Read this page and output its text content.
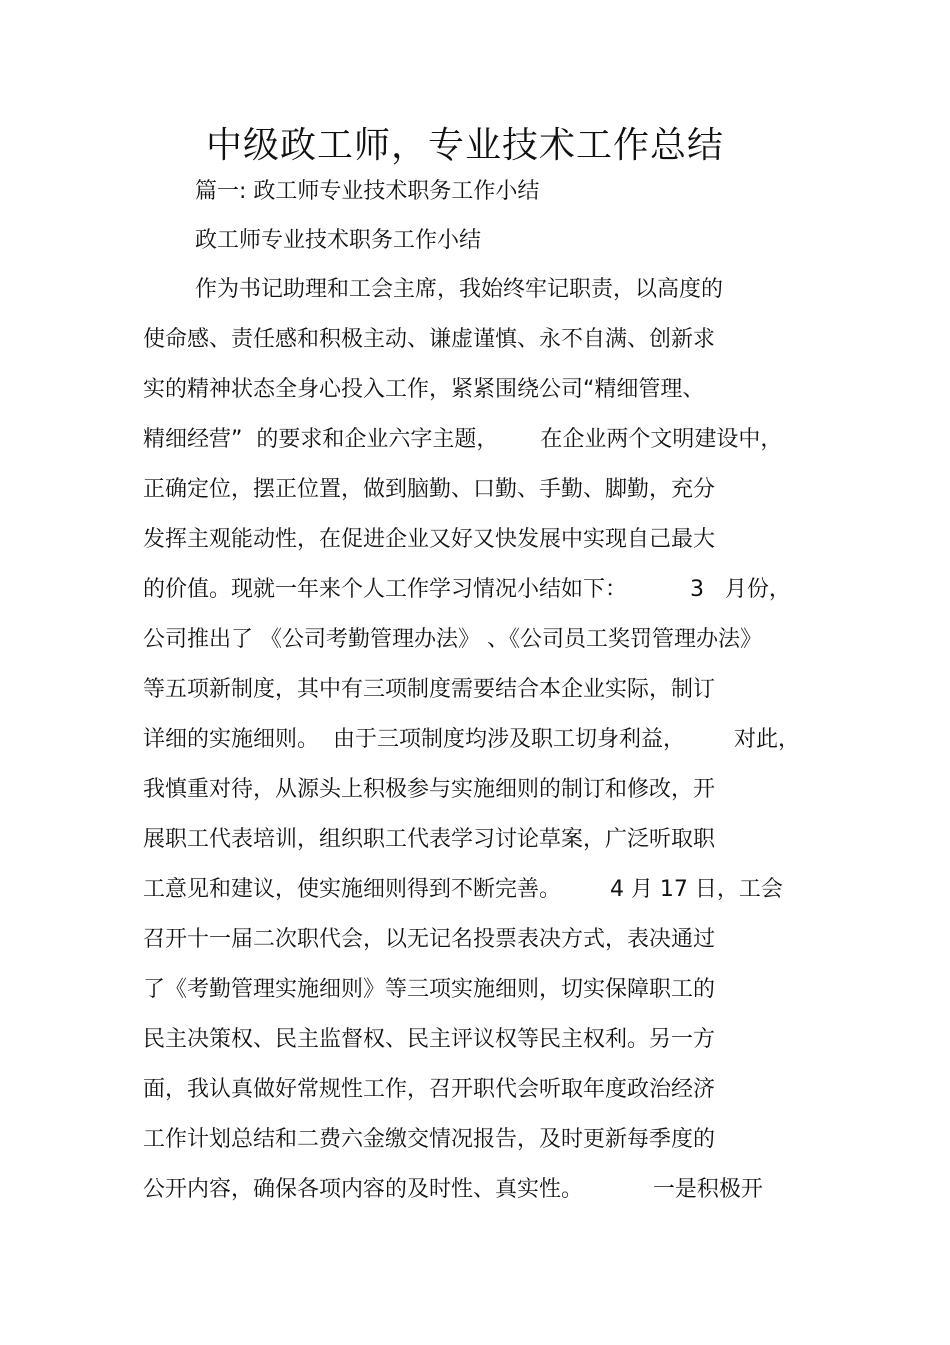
中级政工师，专业技术工作总结
篇一: 政工师专业技术职务工作小结
政工师专业技术职务工作小结
作为书记助理和工会主席，我始终牢记职责，以高度的
使命感、责任感和积极主动、谦虚谨慎、永不自满、创新求
实的精神状态全身心投入工作，紧紧围绕公司“精细管理、
精细经营”  的要求和企业六字主题，      在企业两个文明建设中，
正确定位，摆正位置，做到脑勤、口勤、手勤、脚勤，充分
发挥主观能动性，在促进企业又好又快发展中实现自己最大
的价值。现就一年来个人工作学习情况小结如下：         3   月份，
公司推出了 《公司考勤管理办法》 、《公司员工奖罚管理办法》
等五项新制度，其中有三项制度需要结合本企业实际，制订
详细的实施细则。  由于三项制度均涉及职工切身利益，       对此，
我慎重对待，从源头上积极参与实施细则的制订和修改，开
展职工代表培训，组织职工代表学习讨论草案，广泛听取职
工意见和建议，使实施细则得到不断完善。       4 月 17 日，工会
召开十一届二次职代会，以无记名投票表决方式，表决通过
了《考勤管理实施细则》等三项实施细则，切实保障职工的
民主决策权、民主监督权、民主评议权等民主权利。另一方
面，我认真做好常规性工作，召开职代会听取年度政治经济
工作计划总结和二费六金缴交情况报告，及时更新每季度的
公开内容，确保各项内容的及时性、真实性。          一是积极开
